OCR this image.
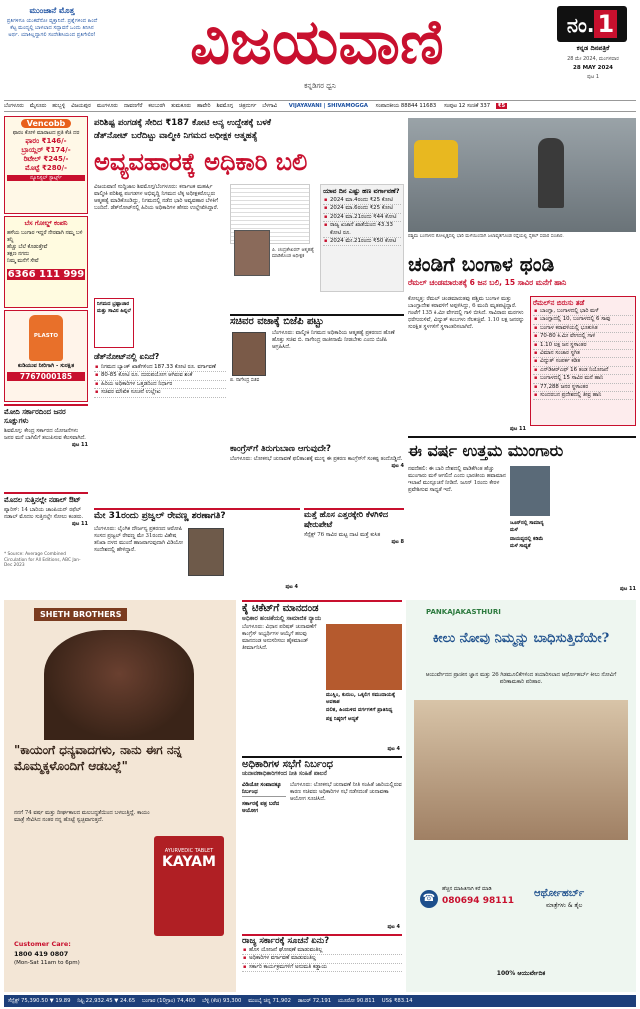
ಮುಂಜಾನೆ ಮೊತ್ತ
ಪ್ರತಿಗಳಿಗೂ ಯುಕವೆನೋ ವ್ಯಕ್ತಾನಿದೆ. ಪ್ರಶ್ನೆಗಳಿಂದ ಹಿಂದೆ ಕೆಟ್ಟ ಮಂದ್ಯಲ್ಲಿ ಬಾಳಲಾದ ಸದ್ಭಾವನೆ ಒಂದು ತಿನಿಸಿನ ಅರ್ಥ. ಯಾಕಿಲ್ಲದ್ದಾಗಲಿ ಸಂದೇಶಿಸಿಯಂದ ಪ್ರತಿಗೇಲಿರ!	ವಿಜಯವಾಣಿ
ಕನ್ನಡಿಗರ ಧ್ವನಿ
ನಂ. 1
ಕನ್ನಡ ದಿನಪತ್ರಿಕೆ
28 ಮೇ 2024, ಮಂಗಳವಾರ
28 MAY 2024
ಪುಟ 1
ಬೆಂಗಳೂರು ಮೈಸೂರು ಹುಬ್ಬಳ್ಳಿ ವಿಜಯಪುರ ಮಂಗಳೂರು ದಾವಣಗೆರೆ ಕಲಬುರಗಿ ತುಮಕೂರು ಹಾವೇರಿ ಶಿವಮೊಗ್ಗ ಚಿತ್ರದುರ್ಗ ಬೆಳಗಾವಿ VIJAYAVANI | SHIVAMOGGA ಸಂಪಾದಕೀಯ 88844 11683 ಸಂಪುಟ 12 ಸಂಚಿಕೆ 337 ₹5
Vencobb
ಫಾರಂ ಕೋಳಿ ಮಾರಾಟದ ಪ್ರತಿ ಕೆಜಿ ದರ
ಫಾರಂ ₹146/-
ಬ್ರಾಯ್ಲರ್ ₹174/-
ರಿಟೇಲ್ ₹245/-
ಮೊಟ್ಟೆ ₹280/-
ನ್ಯೂನಿಸ್ಟಲ್ ಸ್ಟಾರ್ಟ್ಸ್
ಬೆಸ ಗೋಲ್ಡ್ ಕಂಪನಿ
ಹಳೆಯ ಬಂಗಾರ ಇದ್ದರೆ ನೇರವಾಗಿ ನಮ್ಮ ಬಳಿ ತನ್ನಿ
ಹೆಚ್ಚು ಬೆಲೆ ಕೊಡುತ್ತೇವೆ
ತಕ್ಷಣ ನಗದು
ನಿಮ್ಮ ಮನೆಗೆ ಸೇವೆ
6366 111 999
PLASTO
ಕುಡಿಯುವ ನೀರಿಗಾಗಿ - ಸುರಕ್ಷಿತ
7767000185
ಮೋದಿ ಸರ್ಕಾರದಿಂದ ಜನರ ಸೂಕ್ಷುಗಳು
ಶಿವಮೊಗ್ಗ: ಕೇಂದ್ರ ಸರ್ಕಾರದ ಯೋಜನೆಗಳು ಜನರ ಮನೆ ಬಾಗಿಲಿಗೆ ತಲುಪಿಸುವ ಕೆಲಸವಾಗಿದೆ.
ಪುಟ 11
ಮೊದಲ ಸುತ್ತಿನಲ್ಲೇ ನಡಾಲ್ ಔಟ್
ಪ್ಯಾರಿಸ್: 14 ಬಾರಿಯ ಚಾಂಪಿಯನ್ ರಫೆಲ್ ನಡಾಲ್ ಮೊದಲ ಸುತ್ತಿನಲ್ಲೇ ಸೋಲು ಕಂಡರು.
ಪುಟ 11
* Source: Average Combined Circulation for All Editions, ABC Jan-Dec 2023
ಪರಿಶಿಷ್ಟ ಪಂಗಡಕ್ಕೆ ಸೇರಿದ ₹187 ಕೋಟಿ ಅನ್ಯ ಉದ್ದೇಶಕ್ಕೆ ಬಳಕೆ
ಡೆತ್‌ನೋಟ್ ಬರೆದಿಟ್ಟು ವಾಲ್ಮೀಕಿ ನಿಗಮದ ಅಧೀಕ್ಷಕ ಆತ್ಮಹತ್ಯೆ
ಅವ್ಯವಹಾರಕ್ಕೆ ಅಧಿಕಾರಿ ಬಲಿ
ವಿಜಯವಾಣಿ ಸುದ್ದಿಜಾಲ ಶಿವಮೊಗ್ಗ/ಬೆಂಗಳೂರು: ಕರ್ನಾಟಕ ಮಹರ್ಷಿ ವಾಲ್ಮೀಕಿ ಪರಿಶಿಷ್ಟ ಪಂಗಡಗಳ ಅಭಿವೃದ್ಧಿ ನಿಗಮದ ಲೆಕ್ಕ ಅಧೀಕ್ಷಕರೊಬ್ಬರು ಆತ್ಮಹತ್ಯೆ ಮಾಡಿಕೊಂಡಿದ್ದು, ನಿಗಮದಲ್ಲಿ ನಡೆದ ಭಾರಿ ಅವ್ಯವಹಾರ ಬೆಳಕಿಗೆ ಬಂದಿದೆ. ಡೆತ್‌ನೋಟ್‌ನಲ್ಲಿ ಹಿರಿಯ ಅಧಿಕಾರಿಗಳ ಹೆಸರು ಉಲ್ಲೇಖಿಸಿದ್ದಾರೆ.
ಪಿ. ಚಂದ್ರಶೇಖರನ್ ಆತ್ಮಹತ್ಯೆ ಮಾಡಿಕೊಂಡ ಅಧೀಕ್ಷಕ
ಯಾವ ದಿನ ಎಷ್ಟು ಹಣ ವರ್ಗಾವಣೆ?
▪ 2024 ಮಾ.4ರಂದು ₹25 ಕೋಟಿ
▪ 2024 ಮಾ.6ರಂದು ₹25 ಕೋಟಿ
▪ 2024 ಮಾ.21ರಂದು ₹44 ಕೋಟಿ
▪ ರಾಜ್ಯ ಖಜಾನೆ ಖಾತೆಯಿಂದ 43.33 ಕೋಟಿ ರೂ.
▪ 2024 ಮೇ.21ರಂದು ₹50 ಕೋಟಿ
ನಿಗಮದ ಭ್ರಷ್ಟಾಚಾರ ಮತ್ತು ಸಾವಿನ ಹಿನ್ನಲೆ
ಸಚಿವರ ವಜಾಕ್ಕೆ ಬಿಜೆಪಿ ಪಟ್ಟು
ಬಿ. ನಾಗೇಂದ್ರ ಸಚಿವ
ಬೆಂಗಳೂರು: ವಾಲ್ಮೀಕಿ ನಿಗಮದ ಅಧಿಕಾರಿಯ ಆತ್ಮಹತ್ಯೆ ಪ್ರಕರಣದ ಹೊಣೆ ಹೊತ್ತು ಸಚಿವ ಬಿ. ನಾಗೇಂದ್ರ ರಾಜೀನಾಮೆ ನೀಡಬೇಕು ಎಂದು ಬಿಜೆಪಿ ಆಗ್ರಹಿಸಿದೆ.
ಡೆತ್‌ನೋಟ್‌ನಲ್ಲಿ ಏನಿದೆ?
▪ ನಿಗಮದ ಬ್ಯಾಂಕ್ ಖಾತೆಗಳಿಂದ 187.33 ಕೋಟಿ ರೂ. ವರ್ಗಾವಣೆ
▪ 80-85 ಕೋಟಿ ರೂ. ದುರುಪಯೋಗ ಆಗಿರುವ ಶಂಕೆ
▪ ಹಿರಿಯ ಅಧಿಕಾರಿಗಳ ಒತ್ತಡದಿಂದ ನಿರ್ಧಾರ
▪ ಸಚಿವರ ಮೌಖಿಕ ಸೂಚನೆ ಉಲ್ಲೇಖ
ಕಾಂಗ್ರೆಸ್‌ಗೆ ತಿರುಗುಬಾಣ ಆಗುವುದೇ?
ಬೆಂಗಳೂರು: ಲೋಕಸಭೆ ಚುನಾವಣೆ ಫಲಿತಾಂಶಕ್ಕೆ ಮುನ್ನ ಈ ಪ್ರಕರಣ ಕಾಂಗ್ರೆಸ್‌ಗೆ ಸಂಕಷ್ಟ ತಂದೊಡ್ಡಿದೆ.
ಪುಟ 4
ಮೇ 31ರಂದು ಪ್ರಜ್ವಲ್ ರೇವಣ್ಣ ಶರಣಾಗತಿ?
ಬೆಂಗಳೂರು: ಲೈಂಗಿಕ ದೌರ್ಜನ್ಯ ಪ್ರಕರಣದ ಆರೋಪಿ ಸಂಸದ ಪ್ರಜ್ವಲ್ ರೇವಣ್ಣ ಮೇ 31ರಂದು ವಿಶೇಷ ತನಿಖಾ ದಳದ ಮುಂದೆ ಹಾಜರಾಗುವುದಾಗಿ ವಿಡಿಯೋ ಸಂದೇಶದಲ್ಲಿ ಹೇಳಿದ್ದಾರೆ.
ಪುಟ 4
ಮತ್ತೆ ಹೊಸ ಎತ್ತರಕ್ಕೇರಿ ಕೆಳಗಿಳಿದ ಷೇರುಪೇಟೆ
ಸೆನ್ಸೆಕ್ಸ್ 76 ಸಾವಿರ ಮಟ್ಟ ದಾಟಿ ಮತ್ತೆ ಕುಸಿತ
ಪುಟ 8
ಪಶ್ಚಿಮ ಬಂಗಾಳದ ಕೋಲ್ಕತ್ತದಲ್ಲಿ ಭಾರಿ ಮಳೆಯಿಂದಾಗಿ ಜಲಾವೃತಗೊಂಡ ರಸ್ತೆಯಲ್ಲಿ ಸೈಕಲ್ ಸವಾರ ಸಂಚಾರ.
ಚಂಡಿಗೆ ಬಂಗಾಳ ಥಂಡಿ
ರೆಮಲ್ ಚಂಡಮಾರುತಕ್ಕೆ 6 ಜನ ಬಲಿ, 15 ಸಾವಿರ ಮನೆಗೆ ಹಾನಿ
ಕೋಲ್ಕತ್ತ: ರೆಮಲ್ ಚಂಡಮಾರುತವು ಪಶ್ಚಿಮ ಬಂಗಾಳ ಮತ್ತು ಬಾಂಗ್ಲಾದೇಶ ಕರಾವಳಿಗೆ ಅಪ್ಪಳಿಸಿದ್ದು, 6 ಮಂದಿ ಮೃತಪಟ್ಟಿದ್ದಾರೆ. ಗಂಟೆಗೆ 135 ಕಿ.ಮೀ ವೇಗದಲ್ಲಿ ಗಾಳಿ ಬೀಸಿದೆ. ಸಾವಿರಾರು ಮರಗಳು ಧರೆಗುರುಳಿವೆ, ವಿದ್ಯುತ್ ಕಂಬಗಳು ನೆಲಕಚ್ಚಿವೆ. 1.10 ಲಕ್ಷ ಜನರನ್ನು ಸುರಕ್ಷಿತ ಸ್ಥಳಗಳಿಗೆ ಸ್ಥಳಾಂತರಿಸಲಾಗಿದೆ.
ರೆಮಲ್‌ನ ಬಿರುಸು ತಡೆ
▪ ಬಾಂಗ್ಲಾ, ಬಂಗಾಳದಲ್ಲಿ ಭಾರಿ ಮಳೆ
▪ ಬಾಂಗ್ಲಾದಲ್ಲಿ 10, ಬಂಗಾಳದಲ್ಲಿ 6 ಸಾವು
▪ ಬಂಗಾಳ ಕರಾವಳಿಯಲ್ಲಿ ಭೂಕುಸಿತ
▪ 70-80 ಕಿ.ಮೀ ವೇಗದಲ್ಲಿ ಗಾಳಿ
▪ 1.10 ಲಕ್ಷ ಜನ ಸ್ಥಳಾಂತರ
▪ ವಿಮಾನ ಸಂಚಾರ ಸ್ಥಗಿತ
▪ ವಿದ್ಯುತ್ ಸಂಪರ್ಕ ಕಡಿತ
▪ ಎನ್‌ಡಿಆರ್‌ಎಫ್ 16 ತಂಡ ನಿಯೋಜನೆ
▪ ಬಂಗಾಳದಲ್ಲಿ 15 ಸಾವಿರ ಮನೆ ಹಾನಿ
▪ 77,288 ಜನರ ಸ್ಥಳಾಂತರ
▪ ಸುಂದರಬನ ಪ್ರದೇಶದಲ್ಲಿ ತೀವ್ರ ಹಾನಿ
ಪುಟ 11
ಈ ವರ್ಷ ಉತ್ತಮ ಮುಂಗಾರು
ನವದೆಹಲಿ: ಈ ಬಾರಿ ದೇಶದಲ್ಲಿ ವಾಡಿಕೆಗಿಂತ ಹೆಚ್ಚು ಮುಂಗಾರು ಮಳೆ ಆಗಲಿದೆ ಎಂದು ಭಾರತೀಯ ಹವಾಮಾನ ಇಲಾಖೆ ಮುನ್ಸೂಚನೆ ನೀಡಿದೆ. ಜೂನ್ 1ರಂದು ಕೇರಳ ಪ್ರವೇಶಿಸುವ ಸಾಧ್ಯತೆ ಇದೆ.
ಜೂನ್‌ನಲ್ಲಿ ಸಾಮಾನ್ಯ ಮಳೆ
ವಾಯವ್ಯದಲ್ಲಿ ಕಡಿಮೆ ಮಳೆ ಸಾಧ್ಯತೆ
ಪುಟ 11
SHETH BROTHERS
"ಕಾಯಂಗೆ ಧನ್ಯವಾದಗಳು, ನಾನು ಈಗ ನನ್ನ ಮೊಮ್ಮಕ್ಕಳೊಂದಿಗೆ ಆಡಬಲ್ಲೆ"
ನನಗೆ 74 ವರ್ಷ ಮತ್ತು ದೀರ್ಘಕಾಲದ ಮಲಬದ್ಧತೆಯಿಂದ ಬಳಲುತ್ತಿದ್ದೆ. ಕಾಯಂ ಮಾತ್ರೆ ಸೇವಿಸಿದ ನಂತರ ನನ್ನ ಹೊಟ್ಟೆ ಸ್ವಚ್ಛವಾಗುತ್ತದೆ.
AYURVEDIC TABLET
KAYAM
Customer Care:
1800 419 0807
(Mon-Sat 11am to 6pm)
ಕೈ ಟಿಕೆಟ್‌ಗೆ ಮಾನದಂಡ
ಅಧಿಕಾರ ಹಂಚಿಕೆಯಲ್ಲಿ ಸಾಮಾಜಿಕ ನ್ಯಾಯ
ಬೆಂಗಳೂರು: ವಿಧಾನ ಪರಿಷತ್ ಚುನಾವಣೆಗೆ ಕಾಂಗ್ರೆಸ್ ಅಭ್ಯರ್ಥಿಗಳ ಆಯ್ಕೆಗೆ ಹಲವು ಮಾನದಂಡ ಅನುಸರಿಸಲು ಹೈಕಮಾಂಡ್ ತೀರ್ಮಾನಿಸಿದೆ.
ಮುಸ್ಲಿಂ, ಕುರುಬ, ಒಕ್ಕಲಿಗ ಸಮುದಾಯಕ್ಕೆ ಅವಕಾಶ
ದಲಿತ, ಹಿಂದುಳಿದ ವರ್ಗಗಳಿಗೆ ಪ್ರಾತಿನಿಧ್ಯ
ಪಕ್ಷ ನಿಷ್ಠರಿಗೆ ಆದ್ಯತೆ
ಪುಟ 4
ಅಧಿಕಾರಿಗಳ ಸಭೆಗೆ ನಿರ್ಬಂಧ
ಚುನಾವಣಾಧಿಕಾರಿಗಳಿಂದ ನೀತಿ ಸಂಹಿತೆ ಪಾಲನೆ
ವಿಡಿಯೋ ಸಂವಾದಕ್ಕೂ ನಿರ್ಬಂಧ
ಸರ್ಕಾರಕ್ಕೆ ಪತ್ರ ಬರೆದ ಆಯೋಗ
ಬೆಂಗಳೂರು: ಲೋಕಸಭೆ ಚುನಾವಣೆ ನೀತಿ ಸಂಹಿತೆ ಜಾರಿಯಲ್ಲಿರುವ ಕಾರಣ ಸಚಿವರು ಅಧಿಕಾರಿಗಳ ಸಭೆ ನಡೆಸದಂತೆ ಚುನಾವಣಾ ಆಯೋಗ ಸೂಚಿಸಿದೆ.
ಪುಟ 4
ರಾಜ್ಯ ಸರ್ಕಾರಕ್ಕೆ ಸೂಚನೆ ಏನು?
▪ ಹೊಸ ಯೋಜನೆ ಘೋಷಣೆ ಮಾಡುವಂತಿಲ್ಲ
▪ ಅಧಿಕಾರಿಗಳ ವರ್ಗಾವಣೆ ಮಾಡುವಂತಿಲ್ಲ
▪ ಸರ್ಕಾರಿ ಕಾರ್ಯಕ್ರಮಗಳಿಗೆ ಅನುಮತಿ ಕಡ್ಡಾಯ
PANKAJAKASTHURI
ಕೀಲು ನೋವು ನಿಮ್ಮನ್ನು ಬಾಧಿಸುತ್ತಿದೆಯೇ?
ಆಯುರ್ವೇದದ ಪ್ರಾಚೀನ ಜ್ಞಾನ ಮತ್ತು 26 ಗಿಡಮೂಲಿಕೆಗಳಿಂದ ತಯಾರಿಸಲಾದ ಆರ್ಥೋಹರ್ಬ್ ಕೀಲು ನೋವಿಗೆ ಪರಿಣಾಮಕಾರಿ ಪರಿಹಾರ.
☎
ಹೆಚ್ಚಿನ ಮಾಹಿತಿಗಾಗಿ ಕರೆ ಮಾಡಿ
080694 98111
ಆರ್ಥೋಹರ್ಬ್
ಮಾತ್ರೆಗಳು & ತೈಲ
100% ಆಯುರ್ವೇದಿಕ
ಸೆನ್ಸೆಕ್ಸ್ 75,390.50 ▼ 19.89 ನಿಫ್ಟಿ 22,932.45 ▼ 24.65 ಬಂಗಾರ (10ಗ್ರಾಂ) 74,400 ಬೆಳ್ಳಿ (ಕೆಜಿ) 93,300 ಮುಂಬೈ ಚಿನ್ನ 71,902 ಡಾಲರ್ 72,191 ಯೂರೋ 90.811 US$ ₹83.14
